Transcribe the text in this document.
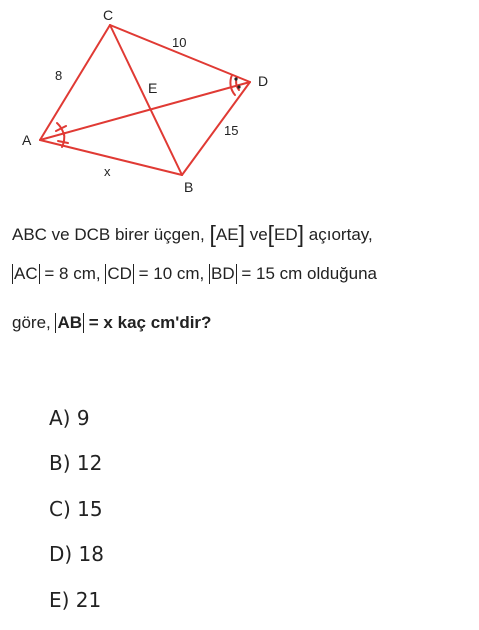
C
D
A
B
E
8
10
15
x
ABC ve DCB birer üçgen, [AE] ve[ED] açıortay,
AC = 8 cm, CD = 10 cm, BD = 15 cm olduğuna
göre, AB = x kaç cm'dir?
A) 9
B) 12
C) 15
D) 18
E) 21
